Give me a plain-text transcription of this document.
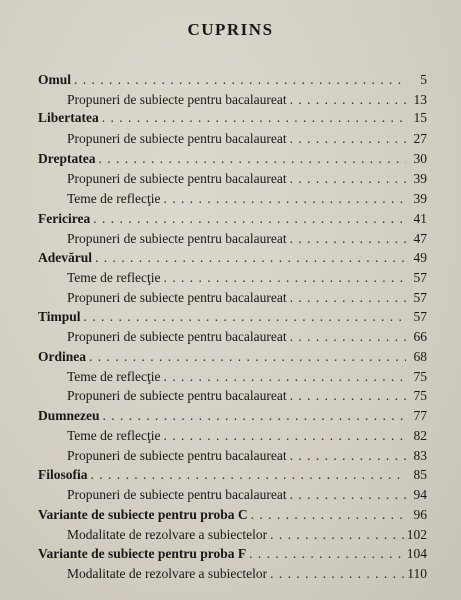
CUPRINS
Omul . . .	5
Propuneri de subiecte pentru bacalaureat . . .	13
Libertatea . . .	15
Propuneri de subiecte pentru bacalaureat . . .	27
Dreptatea . . .	30
Propuneri de subiecte pentru bacalaureat . . .	39
Teme de reflecţie . . .	39
Fericirea . . .	41
Propuneri de subiecte pentru bacalaureat . . .	47
Adevărul . . .	49
Teme de reflecţie . . .	57
Propuneri de subiecte pentru bacalaureat . . .	57
Timpul . . .	57
Propuneri de subiecte pentru bacalaureat . . .	66
Ordinea . . .	68
Teme de reflecţie . . .	75
Propuneri de subiecte pentru bacalaureat . . .	75
Dumnezeu . . .	77
Teme de reflecţie . . .	82
Propuneri de subiecte pentru bacalaureat . . .	83
Filosofia . . .	85
Propuneri de subiecte pentru bacalaureat . . .	94
Variante de subiecte pentru proba C . . .	96
Modalitate de rezolvare a subiectelor . . .	102
Variante de subiecte pentru proba F . . .	104
Modalitate de rezolvare a subiectelor . . .	110
